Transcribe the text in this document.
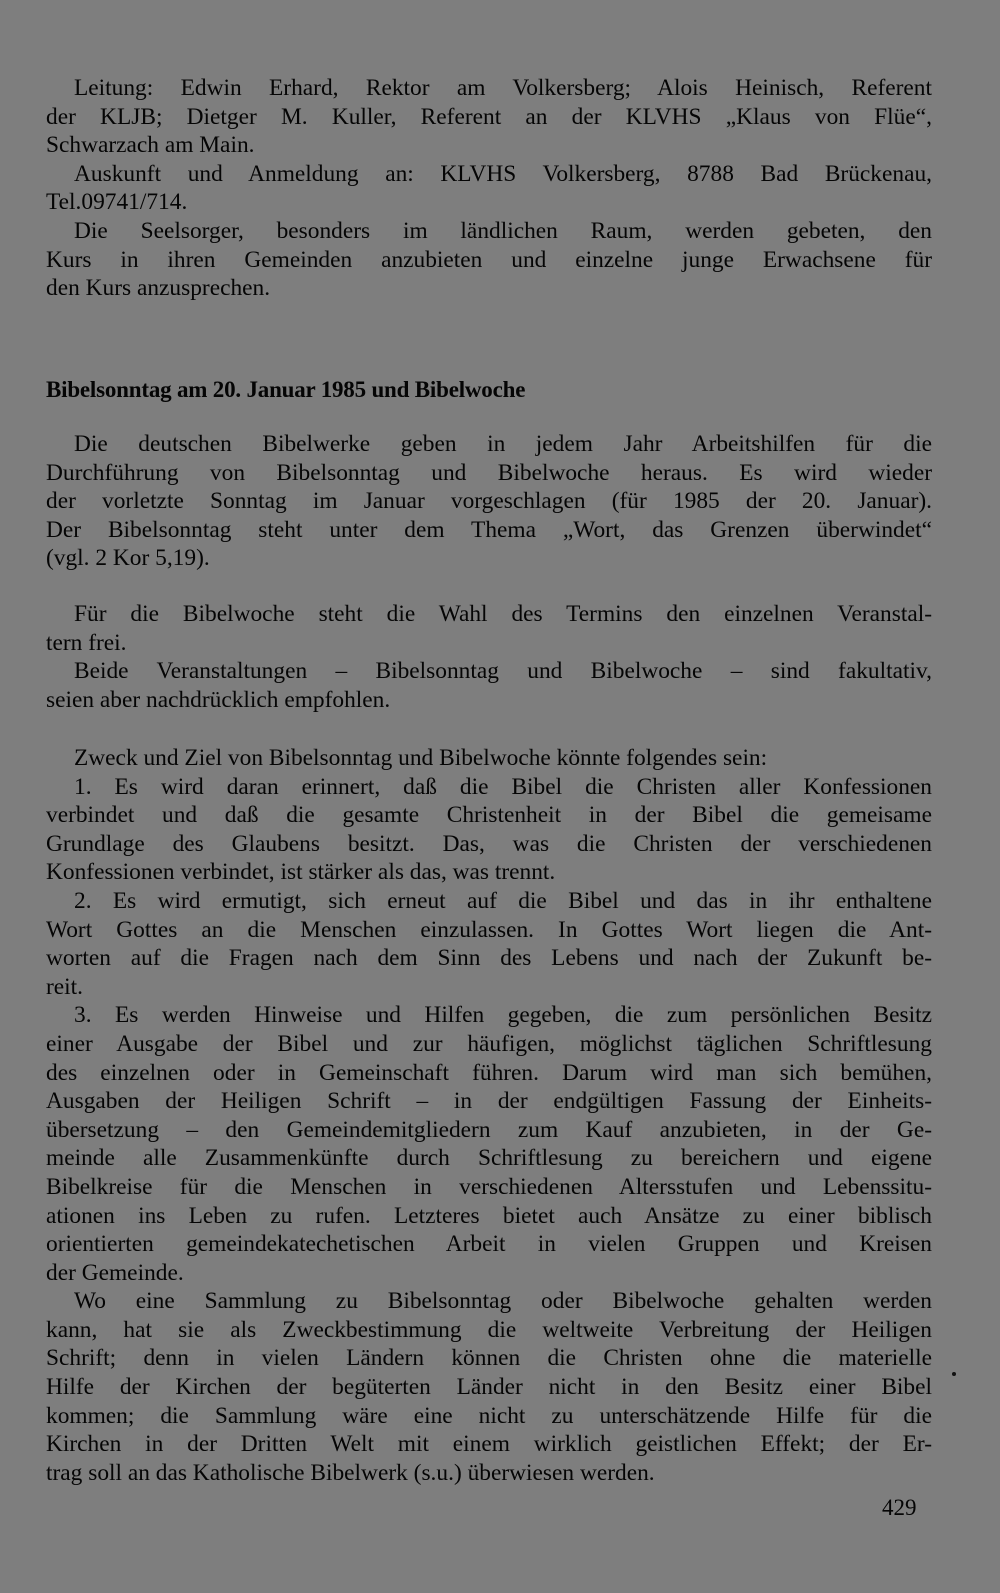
Leitung: Edwin Erhard, Rektor am Volkersberg; Alois Heinisch, Referent
der KLJB; Dietger M. Kuller, Referent an der KLVHS „Klaus von Flüe“,
Schwarzach am Main.
Auskunft und Anmeldung an: KLVHS Volkersberg, 8788 Bad Brückenau,
Tel.09741/714.
Die Seelsorger, besonders im ländlichen Raum, werden gebeten, den
Kurs in ihren Gemeinden anzubieten und einzelne junge Erwachsene für
den Kurs anzusprechen.
Bibelsonntag am 20. Januar 1985 und Bibelwoche
Die deutschen Bibelwerke geben in jedem Jahr Arbeitshilfen für die
Durchführung von Bibelsonntag und Bibelwoche heraus. Es wird wieder
der vorletzte Sonntag im Januar vorgeschlagen (für 1985 der 20. Januar).
Der Bibelsonntag steht unter dem Thema „Wort, das Grenzen überwindet“
(vgl. 2 Kor 5,19).
Für die Bibelwoche steht die Wahl des Termins den einzelnen Veranstal-
tern frei.
Beide Veranstaltungen – Bibelsonntag und Bibelwoche – sind fakultativ,
seien aber nachdrücklich empfohlen.
Zweck und Ziel von Bibelsonntag und Bibelwoche könnte folgendes sein:
1. Es wird daran erinnert, daß die Bibel die Christen aller Konfessionen
verbindet und daß die gesamte Christenheit in der Bibel die gemeisame
Grundlage des Glaubens besitzt. Das, was die Christen der verschiedenen
Konfessionen verbindet, ist stärker als das, was trennt.
2. Es wird ermutigt, sich erneut auf die Bibel und das in ihr enthaltene
Wort Gottes an die Menschen einzulassen. In Gottes Wort liegen die Ant-
worten auf die Fragen nach dem Sinn des Lebens und nach der Zukunft be-
reit.
3. Es werden Hinweise und Hilfen gegeben, die zum persönlichen Besitz
einer Ausgabe der Bibel und zur häufigen, möglichst täglichen Schriftlesung
des einzelnen oder in Gemeinschaft führen. Darum wird man sich bemühen,
Ausgaben der Heiligen Schrift – in der endgültigen Fassung der Einheits-
übersetzung – den Gemeindemitgliedern zum Kauf anzubieten, in der Ge-
meinde alle Zusammenkünfte durch Schriftlesung zu bereichern und eigene
Bibelkreise für die Menschen in verschiedenen Altersstufen und Lebenssitu-
ationen ins Leben zu rufen. Letzteres bietet auch Ansätze zu einer biblisch
orientierten gemeindekatechetischen Arbeit in vielen Gruppen und Kreisen
der Gemeinde.
Wo eine Sammlung zu Bibelsonntag oder Bibelwoche gehalten werden
kann, hat sie als Zweckbestimmung die weltweite Verbreitung der Heiligen
Schrift; denn in vielen Ländern können die Christen ohne die materielle
Hilfe der Kirchen der begüterten Länder nicht in den Besitz einer Bibel
kommen; die Sammlung wäre eine nicht zu unterschätzende Hilfe für die
Kirchen in der Dritten Welt mit einem wirklich geistlichen Effekt; der Er-
trag soll an das Katholische Bibelwerk (s.u.) überwiesen werden.
429
